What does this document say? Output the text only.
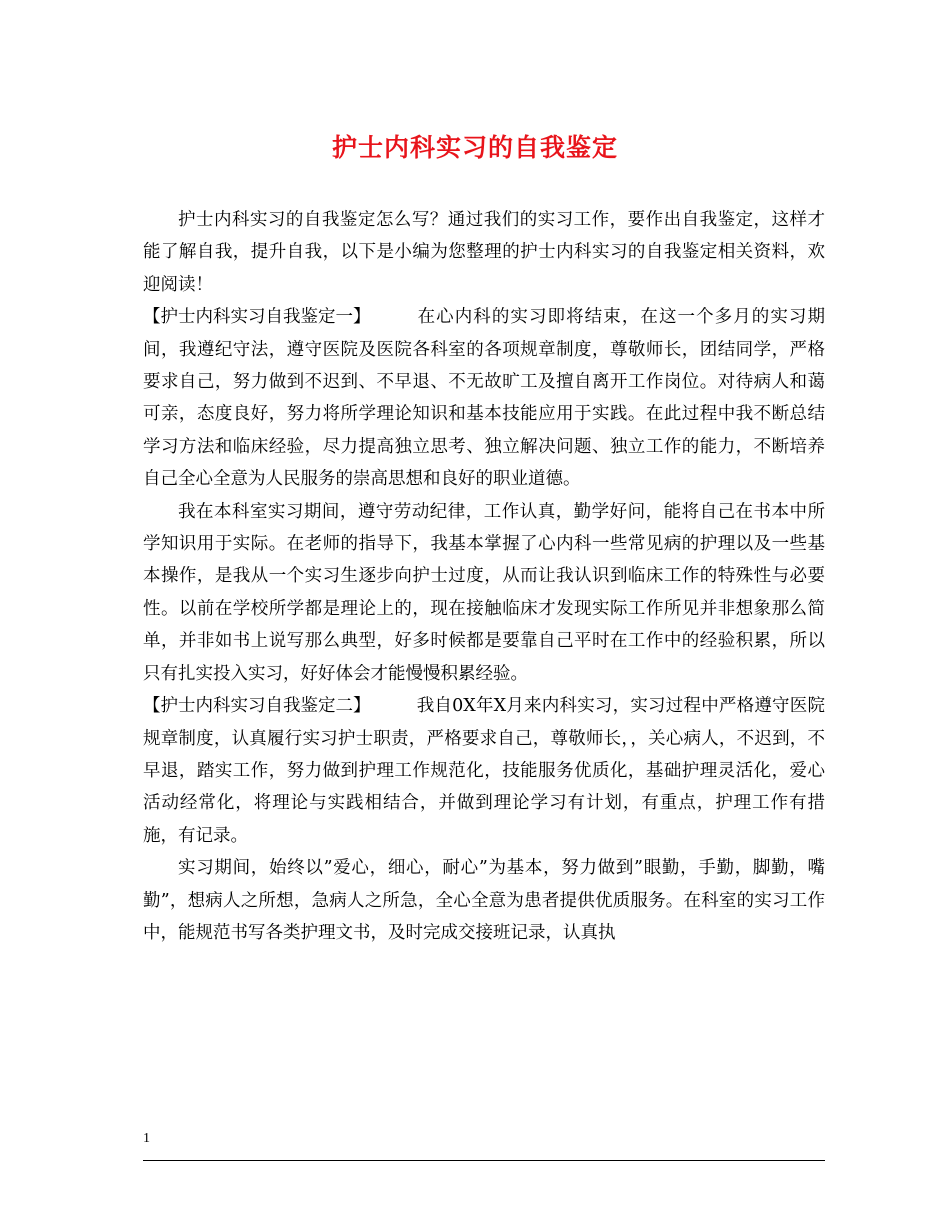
护士内科实习的自我鉴定

护士内科实习的自我鉴定怎么写？通过我们的实习工作，要作出自我鉴定，这样才能了解自我，提升自我，以下是小编为您整理的护士内科实习的自我鉴定相关资料，欢迎阅读！

【护士内科实习自我鉴定一】	在心内科的实习即将结束，在这一个多月的实习期间，我遵纪守法，遵守医院及医院各科室的各项规章制度，尊敬师长，团结同学，严格要求自己，努力做到不迟到、不早退、不无故旷工及擅自离开工作岗位。对待病人和蔼可亲，态度良好，努力将所学理论知识和基本技能应用于实践。在此过程中我不断总结学习方法和临床经验，尽力提高独立思考、独立解决问题、独立工作的能力，不断培养自己全心全意为人民服务的崇高思想和良好的职业道德。

我在本科室实习期间，遵守劳动纪律，工作认真，勤学好问，能将自己在书本中所学知识用于实际。在老师的指导下，我基本掌握了心内科一些常见病的护理以及一些基本操作，是我从一个实习生逐步向护士过度，从而让我认识到临床工作的特殊性与必要性。以前在学校所学都是理论上的，现在接触临床才发现实际工作所见并非想象那么简单，并非如书上说写那么典型，好多时候都是要靠自己平时在工作中的经验积累，所以只有扎实投入实习，好好体会才能慢慢积累经验。

【护士内科实习自我鉴定二】	我自0X年X月来内科实习，实习过程中严格遵守医院规章制度，认真履行实习护士职责，严格要求自己，尊敬师长，，关心病人，不迟到，不早退，踏实工作，努力做到护理工作规范化，技能服务优质化，基础护理灵活化，爱心活动经常化，将理论与实践相结合，并做到理论学习有计划，有重点，护理工作有措施，有记录。

实习期间，始终以”爱心，细心，耐心”为基本，努力做到”眼勤，手勤，脚勤，嘴勤”，想病人之所想，急病人之所急，全心全意为患者提供优质服务。在科室的实习工作中，能规范书写各类护理文书，及时完成交接班记录，认真执

1
